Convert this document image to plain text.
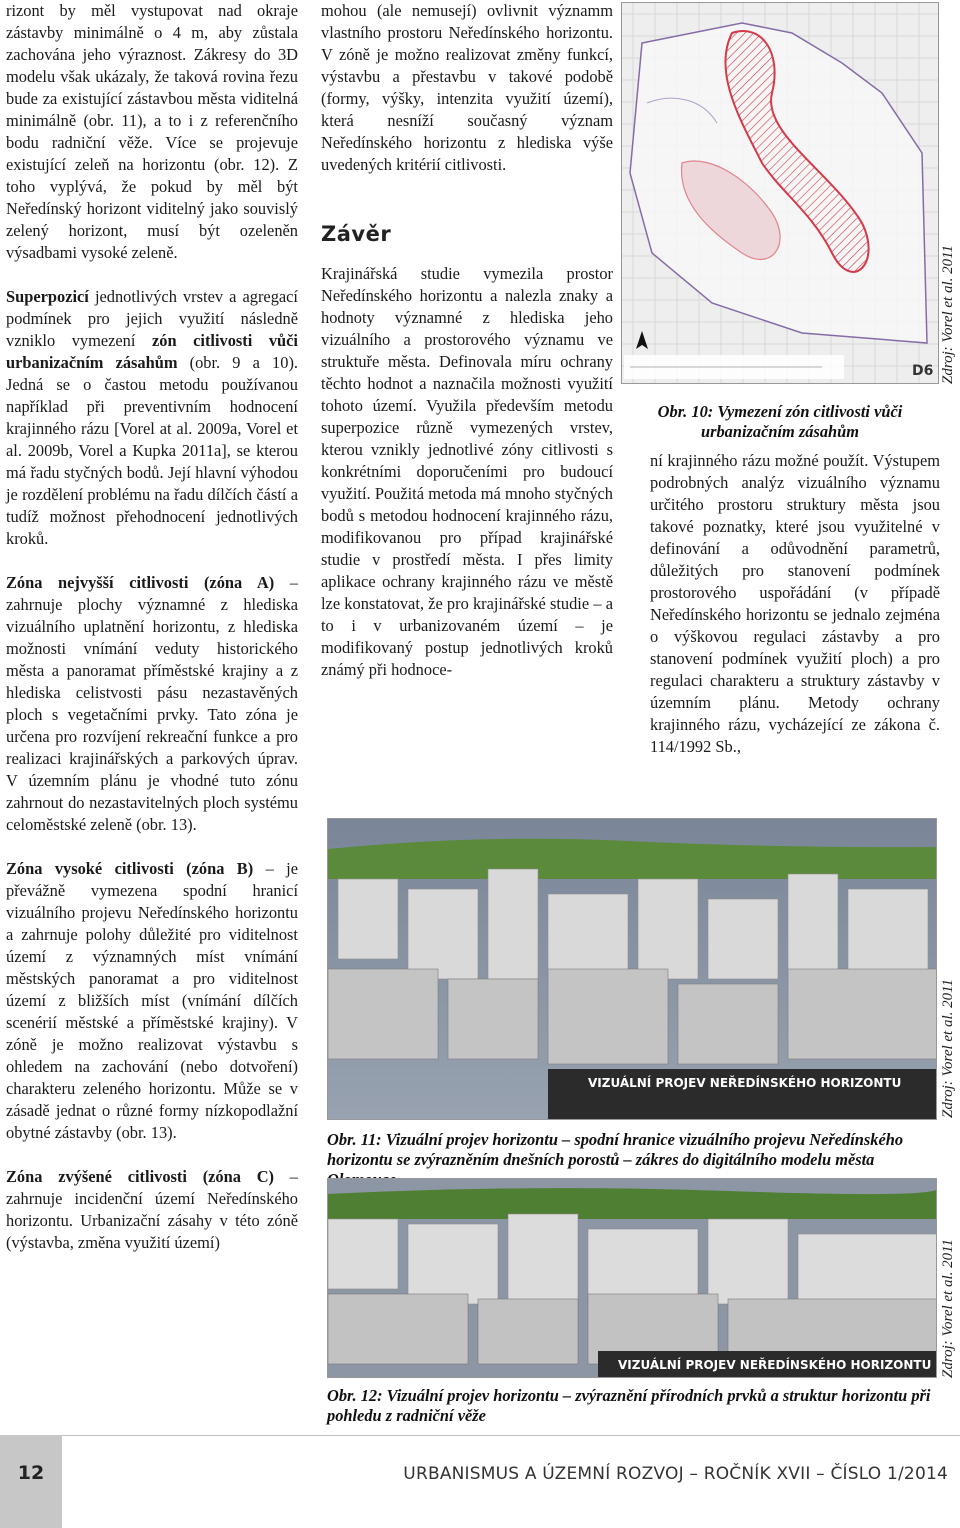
rizont by měl vystupovat nad okraje zástavby minimálně o 4 m, aby zůstala zachována jeho výraznost. Zákresy do 3D modelu však ukázaly, že taková rovina řezu bude za existující zástavbou města viditelná minimálně (obr. 11), a to i z referenčního bodu radniční věže. Více se projevuje existující zeleň na horizontu (obr. 12). Z toho vyplývá, že pokud by měl být Neředínský horizont viditelný jako souvislý zelený horizont, musí být ozeleněn výsadbami vysoké zeleně.

Superpozicí jednotlivých vrstev a agregací podmínek pro jejich využití následně vzniklo vymezení zón citlivosti vůči urbanizačním zásahům (obr. 9 a 10). Jedná se o častou metodu používanou například při preventivním hodnocení krajinného rázu [Vorel at al. 2009a, Vorel et al. 2009b, Vorel a Kupka 2011a], se kterou má řadu styčných bodů. Její hlavní výhodou je rozdělení problému na řadu dílčích částí a tudíž možnost přehodnocení jednotlivých kroků.

Zóna nejvyšší citlivosti (zóna A) – zahrnuje plochy významné z hlediska vizuálního uplatnění horizontu, z hlediska možnosti vnímání veduty historického města a panoramat příměstské krajiny a z hlediska celistvosti pásu nezastavěných ploch s vegetačními prvky. Tato zóna je určena pro rozvíjení rekreační funkce a pro realizaci krajinářských a parkových úprav. V územním plánu je vhodné tuto zónu zahrnout do nezastavitelných ploch systému celoměstské zeleně (obr. 13).

Zóna vysoké citlivosti (zóna B) – je převážně vymezena spodní hranicí vizuálního projevu Neředínského horizontu a zahrnuje polohy důležité pro viditelnost území z významných míst vnímání městských panoramat a pro viditelnost území z bližších míst (vnímání dílčích scenérií městské a příměstské krajiny). V zóně je možno realizovat výstavbu s ohledem na zachování (nebo dotvoření) charakteru zeleného horizontu. Může se v zásadě jednat o různé formy nízkopodlažní obytné zástavby (obr. 13).

Zóna zvýšené citlivosti (zóna C) – zahrnuje incidenční území Neředínského horizontu. Urbanizační zásahy v této zóně (výstavba, změna využití území)

mohou (ale nemusejí) ovlivnit významm vlastního prostoru Neředínského horizontu. V zóně je možno realizovat změny funkcí, výstavbu a přestavbu v takové podobě (formy, výšky, intenzita využití území), která nesníží současný význam Neředínského horizontu z hlediska výše uvedených kritérií citlivosti.

Závěr

Krajinářská studie vymezila prostor Neředínského horizontu a nalezla znaky a hodnoty významné z hlediska jeho vizuálního a prostorového významu ve struktuře města. Definovala míru ochrany těchto hodnot a naznačila možnosti využití tohoto území. Využila především metodu superpozice různě vymezených vrstev, kterou vznikly jednotlivé zóny citlivosti s konkrétními doporučeními pro budoucí využití. Použitá metoda má mnoho styčných bodů s metodou hodnocení krajinného rázu, modifikovanou pro případ krajinářské studie v prostředí města. I přes limity aplikace ochrany krajinného rázu ve městě lze konstatovat, že pro krajinářské studie – a to i v urbanizovaném území – je modifikovaný postup jednotlivých kroků známý při hodnoce-

D6 Zdroj: Vorel et al. 2011
Obr. 10: Vymezení zón citlivosti vůči
urbanizačním zásahům
ní krajinného rázu možné použít. Výstupem podrobných analýz vizuálního významu určitého prostoru struktury města jsou takové poznatky, které jsou využitelné v definování a odůvodnění parametrů, důležitých pro stanovení podmínek prostorového uspořádání (v případě Neředínského horizontu se jednalo zejména o výškovou regulaci zástavby a pro stanovení podmínek využití ploch) a pro regulaci charakteru a struktury zástavby v územním plánu. Metody ochrany krajinného rázu, vycházející ze zákona č. 114/1992 Sb.,
VIZUÁLNÍ PROJEV NEŘEDÍNSKÉHO HORIZONTU	Zdroj: Vorel et al. 2011
Obr. 11: Vizuální projev horizontu – spodní hranice vizuálního projevu Neředínského horizontu se zvýrazněním dnešních porostů – zákres do digitálního modelu města
VIZUÁLNÍ PROJEV NEŘEDÍNSKÉHO HORIZONTU Zdroj: Vorel et al. 2011
Obr. 12: Vizuální projev horizontu – zvýraznění přírodních prvků a struktur horizontu při pohledu z radniční věže
12	URBANISMUS A ÚZEMNÍ ROZVOJ – ROČNÍK XVII – ČÍSLO 1/2014
